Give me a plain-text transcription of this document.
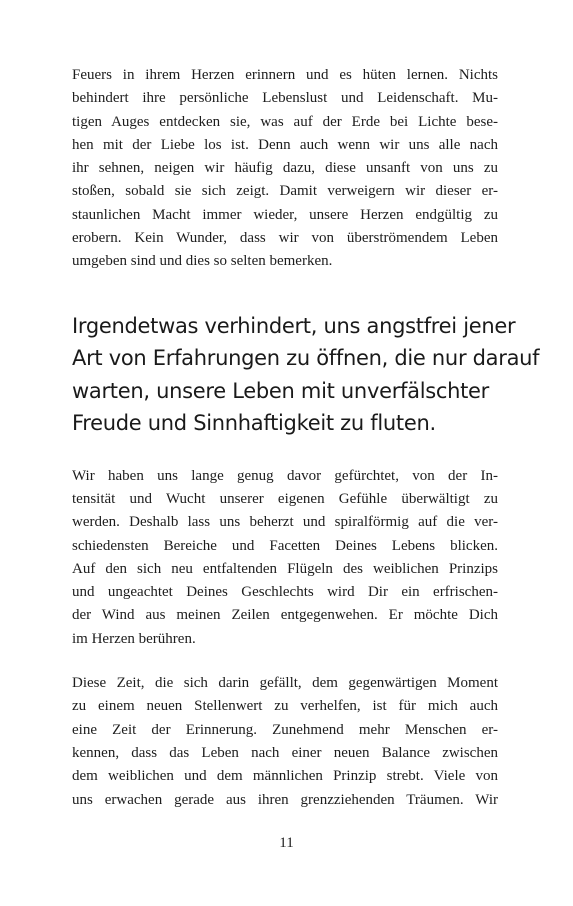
Feuers in ihrem Herzen erinnern und es hüten lernen. Nichts
behindert ihre persönliche Lebenslust und Leidenschaft. Mu-
tigen Auges entdecken sie, was auf der Erde bei Lichte bese-
hen mit der Liebe los ist. Denn auch wenn wir uns alle nach
ihr sehnen, neigen wir häufig dazu, diese unsanft von uns zu
stoßen, sobald sie sich zeigt. Damit verweigern wir dieser er-
staunlichen Macht immer wieder, unsere Herzen endgültig zu
erobern. Kein Wunder, dass wir von überströmendem Leben
umgeben sind und dies so selten bemerken.

Irgendetwas verhindert, uns angstfrei jener
Art von Erfahrungen zu öffnen, die nur darauf
warten, unsere Leben mit unverfälschter
Freude und Sinnhaftigkeit zu fluten.

Wir haben uns lange genug davor gefürchtet, von der In-
tensität und Wucht unserer eigenen Gefühle überwältigt zu
werden. Deshalb lass uns beherzt und spiralförmig auf die ver-
schiedensten Bereiche und Facetten Deines Lebens blicken.
Auf den sich neu entfaltenden Flügeln des weiblichen Prinzips
und ungeachtet Deines Geschlechts wird Dir ein erfrischen-
der Wind aus meinen Zeilen entgegenwehen. Er möchte Dich
im Herzen berühren.

Diese Zeit, die sich darin gefällt, dem gegenwärtigen Moment
zu einem neuen Stellenwert zu verhelfen, ist für mich auch
eine Zeit der Erinnerung. Zunehmend mehr Menschen er-
kennen, dass das Leben nach einer neuen Balance zwischen
dem weiblichen und dem männlichen Prinzip strebt. Viele von
uns erwachen gerade aus ihren grenzziehenden Träumen. Wir

11
